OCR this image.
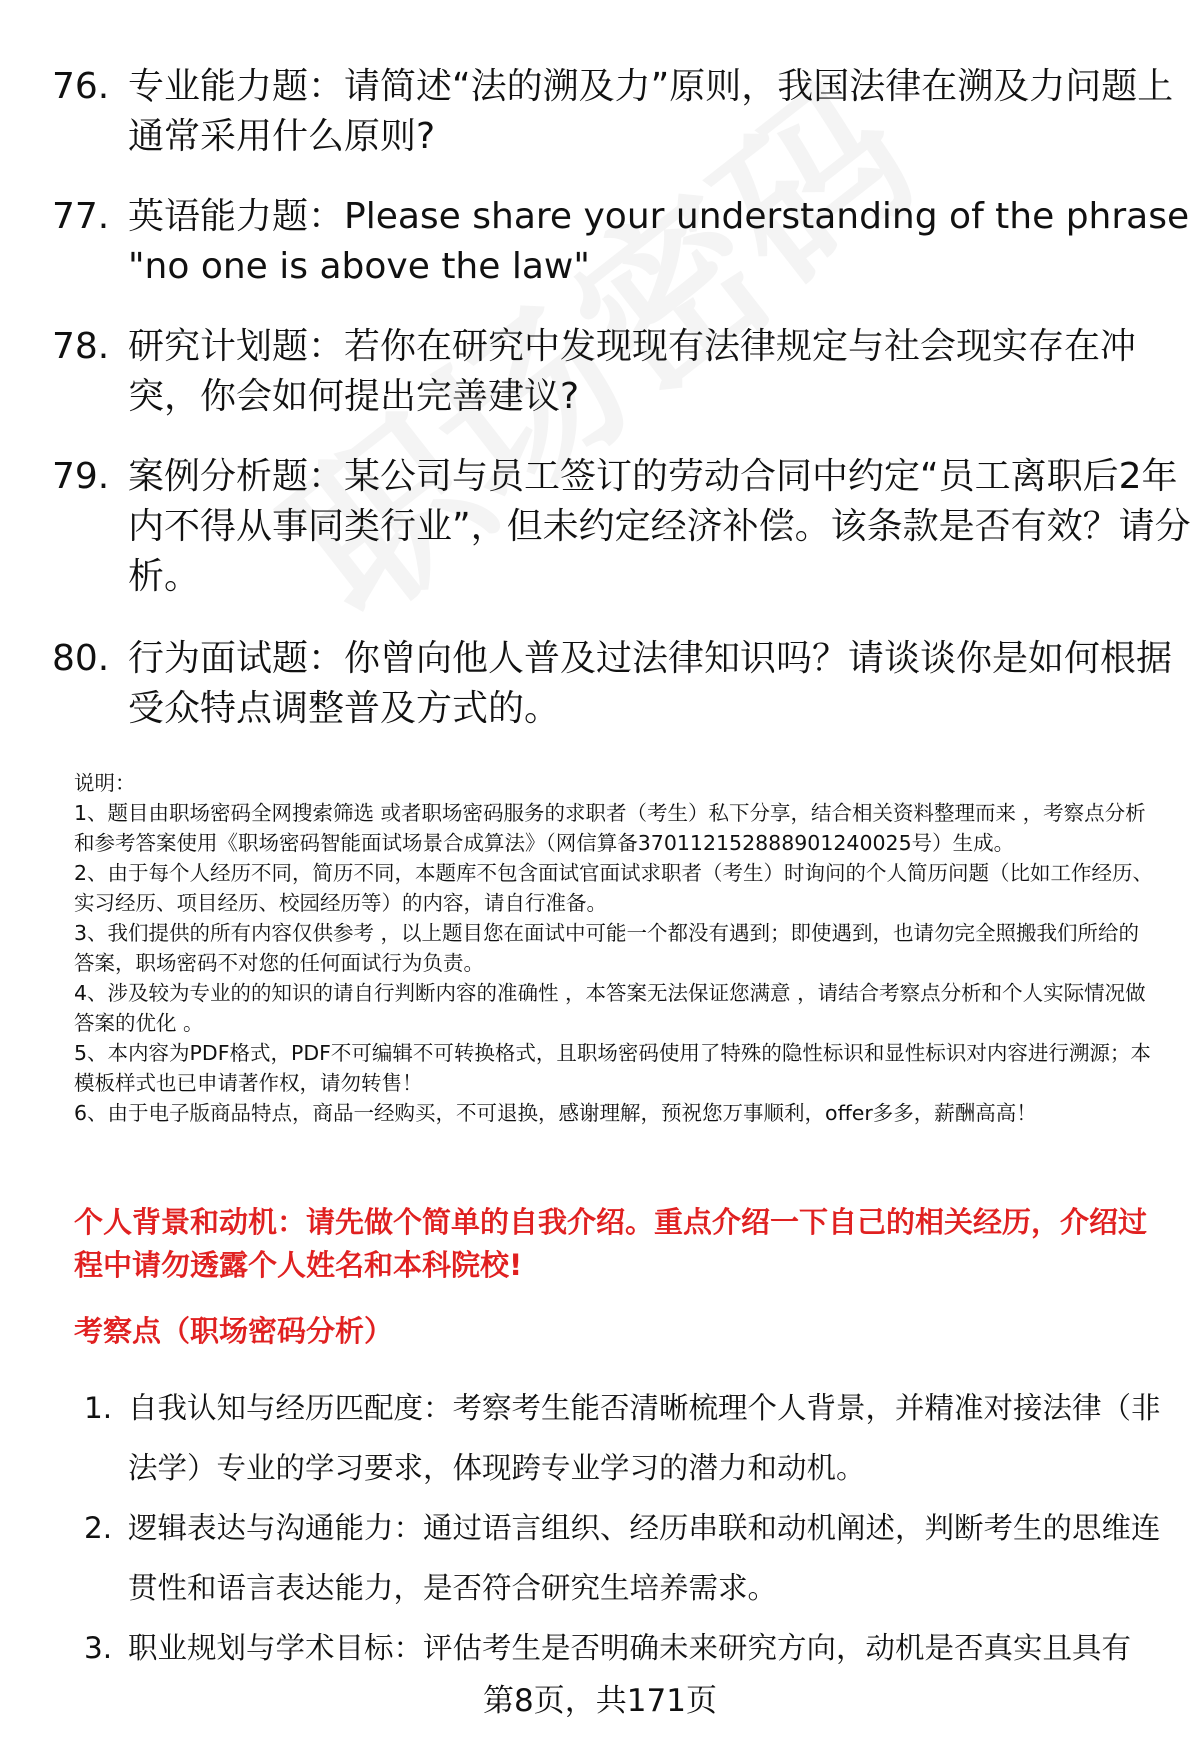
76. 专业能力题：请简述“法的溯及力”原则，我国法律在溯及力问题上通常采用什么原则?
77. 英语能力题：Please share your understanding of the phrase "no one is above the law"
78. 研究计划题：若你在研究中发现现有法律规定与社会现实存在冲突，你会如何提出完善建议?
79. 案例分析题：某公司与员工签订的劳动合同中约定“员工离职后2年内不得从事同类行业”，但未约定经济补偿。该条款是否有效？请分析。
80. 行为面试题：你曾向他人普及过法律知识吗？请谈谈你是如何根据受众特点调整普及方式的。
说明：
1、题目由职场密码全网搜索筛选 或者职场密码服务的求职者（考生）私下分享，结合相关资料整理而来 ，考察点分析和参考答案使用《职场密码智能面试场景合成算法》（网信算备370112152888901240025号）生成。
2、由于每个人经历不同，简历不同，本题库不包含面试官面试求职者（考生）时询问的个人简历问题（比如工作经历、实习经历、项目经历、校园经历等）的内容，请自行准备。
3、我们提供的所有内容仅供参考 ，以上题目您在面试中可能一个都没有遇到；即使遇到，也请勿完全照搬我们所给的答案，职场密码不对您的任何面试行为负责。
4、涉及较为专业的的知识的请自行判断内容的准确性 ，本答案无法保证您满意 ，请结合考察点分析和个人实际情况做答案的优化 。
5、本内容为PDF格式，PDF不可编辑不可转换格式，且职场密码使用了特殊的隐性标识和显性标识对内容进行溯源；本模板样式也已申请著作权，请勿转售！
6、由于电子版商品特点，商品一经购买，不可退换，感谢理解，预祝您万事顺利，offer多多，薪酬高高！
个人背景和动机：请先做个简单的自我介绍。重点介绍一下自己的相关经历，介绍过程中请勿透露个人姓名和本科院校!
考察点（职场密码分析）
1. 自我认知与经历匹配度：考察考生能否清晰梳理个人背景，并精准对接法律（非法学）专业的学习要求，体现跨专业学习的潜力和动机。
2. 逻辑表达与沟通能力：通过语言组织、经历串联和动机阐述，判断考生的思维连贯性和语言表达能力，是否符合研究生培养需求。
3. 职业规划与学术目标：评估考生是否明确未来研究方向，动机是否真实且具有
第8页，共171页
